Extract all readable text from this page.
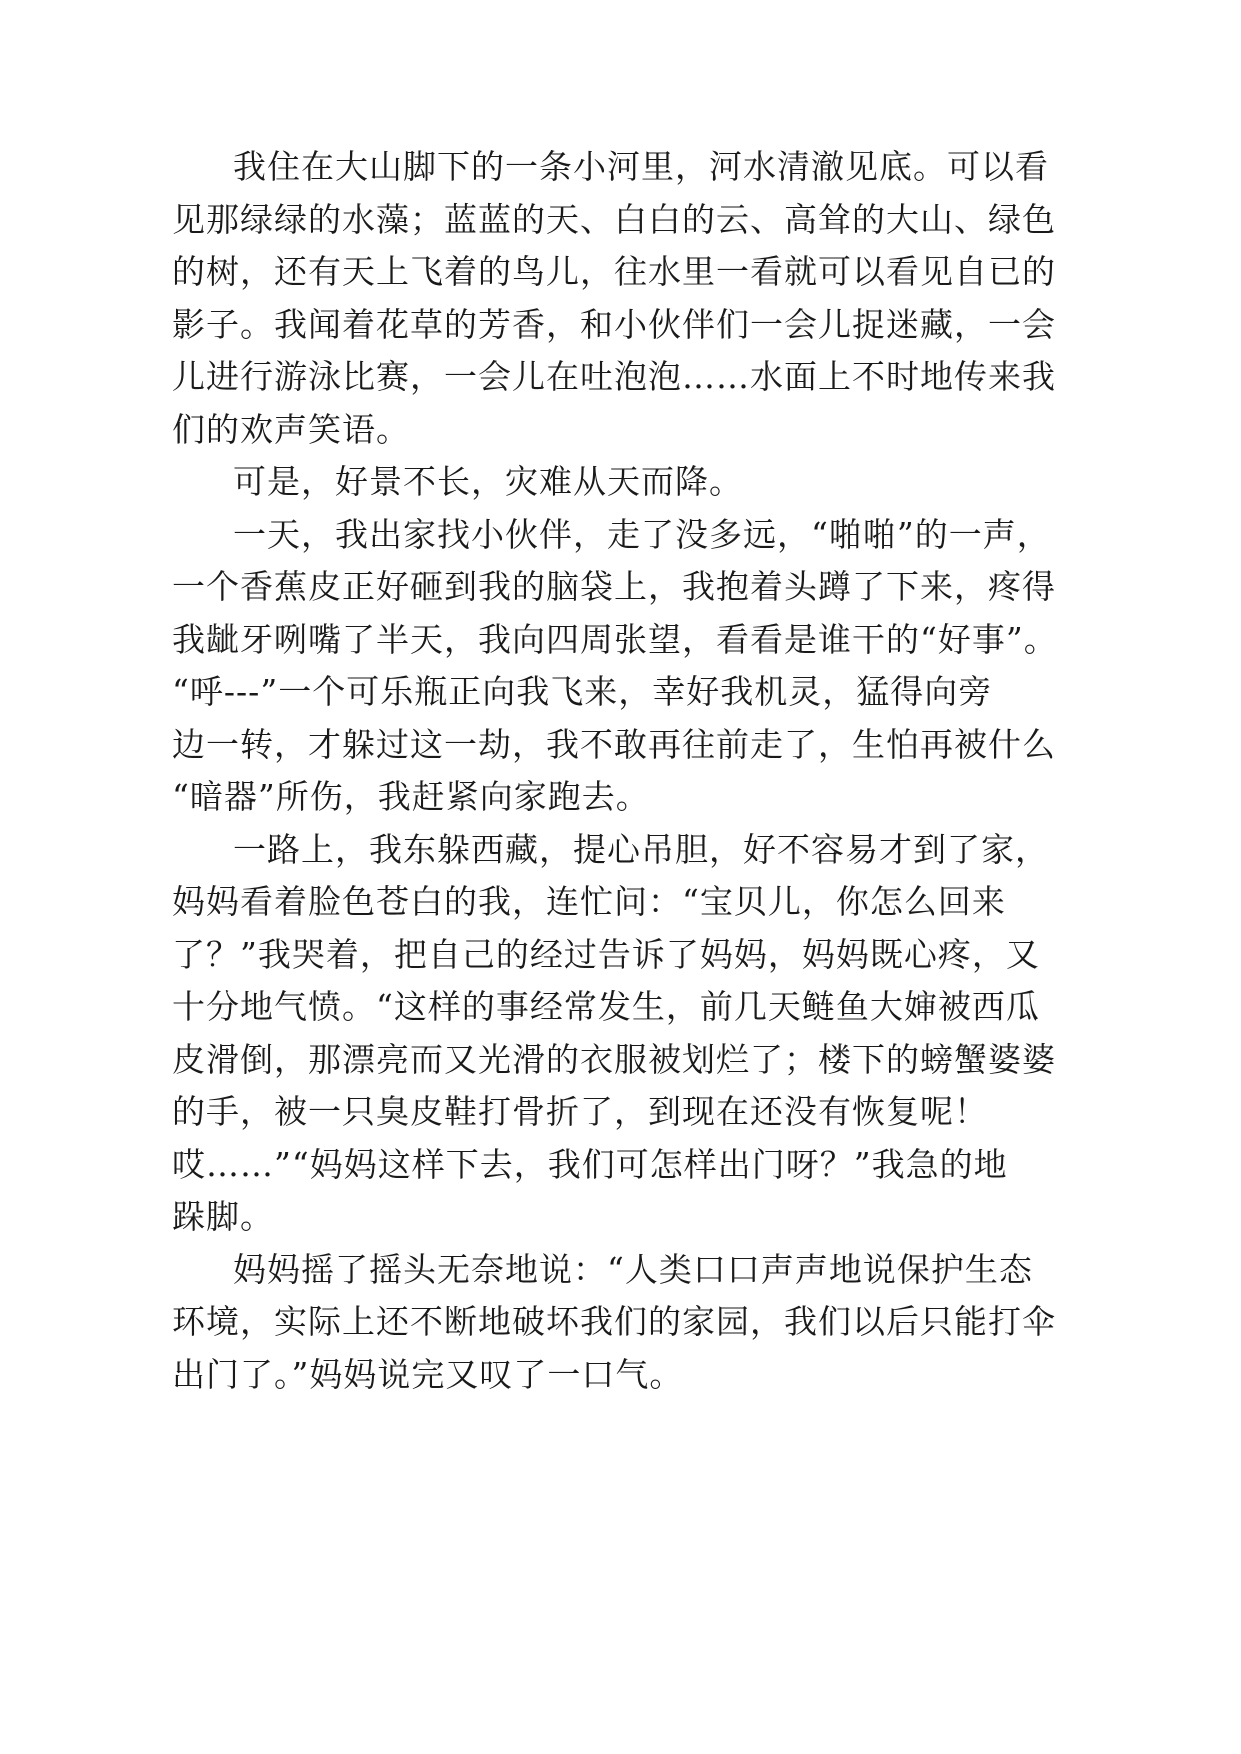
我住在大山脚下的一条小河里，河水清澈见底。可以看
见那绿绿的水藻；蓝蓝的天、白白的云、高耸的大山、绿色
的树，还有天上飞着的鸟儿，往水里一看就可以看见自已的
影子。我闻着花草的芳香，和小伙伴们一会儿捉迷藏，一会
儿进行游泳比赛，一会儿在吐泡泡……水面上不时地传来我
们的欢声笑语。
可是，好景不长，灾难从天而降。
一天，我出家找小伙伴，走了没多远，“啪啪”的一声，
一个香蕉皮正好砸到我的脑袋上，我抱着头蹲了下来，疼得
我龇牙咧嘴了半天，我向四周张望，看看是谁干的“好事”。
“呼---”一个可乐瓶正向我飞来，幸好我机灵，猛得向旁
边一转，才躲过这一劫，我不敢再往前走了，生怕再被什么
“暗器”所伤，我赶紧向家跑去。
一路上，我东躲西藏，提心吊胆，好不容易才到了家，
妈妈看着脸色苍白的我，连忙问：“宝贝儿，你怎么回来
了？”我哭着，把自己的经过告诉了妈妈，妈妈既心疼，又
十分地气愤。“这样的事经常发生，前几天鲢鱼大婶被西瓜
皮滑倒，那漂亮而又光滑的衣服被划烂了；楼下的螃蟹婆婆
的手，被一只臭皮鞋打骨折了，到现在还没有恢复呢！
哎……”“妈妈这样下去，我们可怎样出门呀？”我急的地
跺脚。
妈妈摇了摇头无奈地说：“人类口口声声地说保护生态
环境，实际上还不断地破坏我们的家园，我们以后只能打伞
出门了。”妈妈说完又叹了一口气。
